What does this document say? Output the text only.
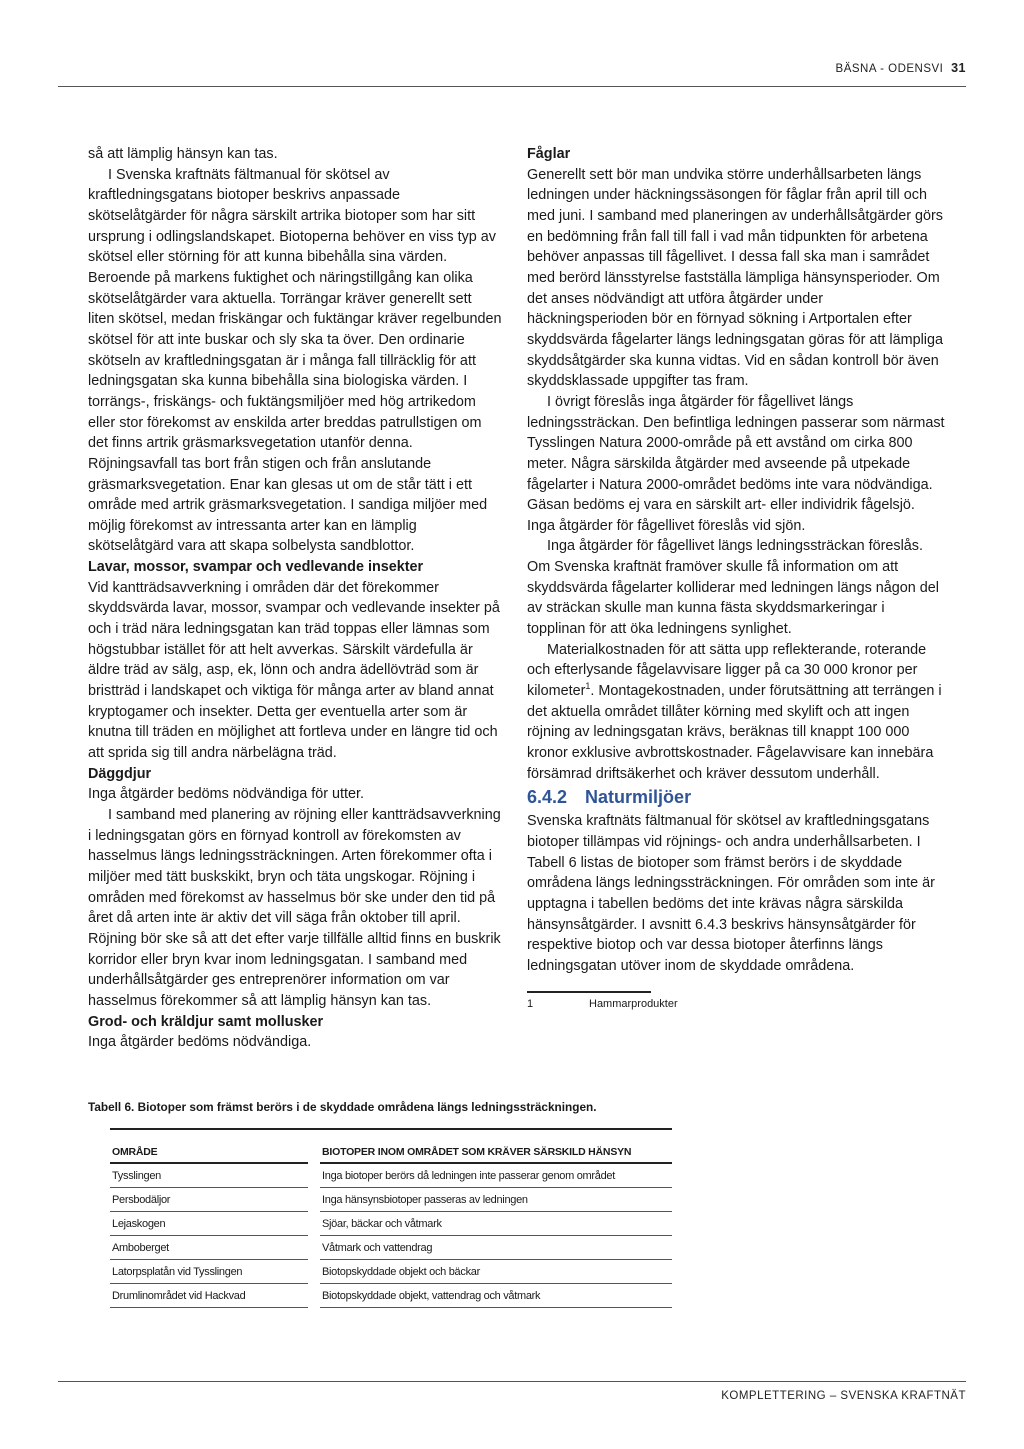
BÄSNA - ODENSVI 31

så att lämplig hänsyn kan tas.

I Svenska kraftnäts fältmanual för skötsel av kraftledningsgatans biotoper beskrivs anpassade skötselåtgärder för några särskilt artrika biotoper som har sitt ursprung i odlingslandskapet. Biotoperna behöver en viss typ av skötsel eller störning för att kunna bibehålla sina värden. Beroende på markens fuktighet och näringstillgång kan olika skötselåtgärder vara aktuella. Torrängar kräver generellt sett liten skötsel, medan friskängar och fuktängar kräver regelbunden skötsel för att inte buskar och sly ska ta över. Den ordinarie skötseln av kraftledningsgatan är i många fall tillräcklig för att ledningsgatan ska kunna bibehålla sina biologiska värden. I torrängs-, friskängs- och fuktängsmiljöer med hög artrikedom eller stor förekomst av enskilda arter breddas patrullstigen om det finns artrik gräsmarksvegetation utanför denna. Röjningsavfall tas bort från stigen och från anslutande gräsmarksvegetation. Enar kan glesas ut om de står tätt i ett område med artrik gräsmarksvegetation. I sandiga miljöer med möjlig förekomst av intressanta arter kan en lämplig skötselåtgärd vara att skapa solbelysta sandblottor.

Lavar, mossor, svampar och vedlevande insekter

Vid kantträdsavverkning i områden där det förekommer skyddsvärda lavar, mossor, svampar och vedlevande insekter på och i träd nära ledningsgatan kan träd toppas eller lämnas som högstubbar istället för att helt avverkas. Särskilt värdefulla är äldre träd av sälg, asp, ek, lönn och andra ädellövträd som är bristträd i landskapet och viktiga för många arter av bland annat kryptogamer och insekter. Detta ger eventuella arter som är knutna till träden en möjlighet att fortleva under en längre tid och att sprida sig till andra närbelägna träd.

Däggdjur

Inga åtgärder bedöms nödvändiga för utter.

I samband med planering av röjning eller kantträdsavverkning i ledningsgatan görs en förnyad kontroll av förekomsten av hasselmus längs ledningssträckningen. Arten förekommer ofta i miljöer med tätt buskskikt, bryn och täta ungskogar. Röjning i områden med förekomst av hasselmus bör ske under den tid på året då arten inte är aktiv det vill säga från oktober till april. Röjning bör ske så att det efter varje tillfälle alltid finns en buskrik korridor eller bryn kvar inom ledningsgatan. I samband med underhållsåtgärder ges entreprenörer information om var hasselmus förekommer så att lämplig hänsyn kan tas.

Grod- och kräldjur samt mollusker

Inga åtgärder bedöms nödvändiga.

Fåglar

Generellt sett bör man undvika större underhållsarbeten längs ledningen under häckningssäsongen för fåglar från april till och med juni. I samband med planeringen av underhållsåtgärder görs en bedömning från fall till fall i vad mån tidpunkten för arbetena behöver anpassas till fågellivet. I dessa fall ska man i samrådet med berörd länsstyrelse fastställa lämpliga hänsynsperioder. Om det anses nödvändigt att utföra åtgärder under häckningsperioden bör en förnyad sökning i Artportalen efter skyddsvärda fågelarter längs ledningsgatan göras för att lämpliga skyddsåtgärder ska kunna vidtas. Vid en sådan kontroll bör även skyddsklassade uppgifter tas fram.

I övrigt föreslås inga åtgärder för fågellivet längs ledningssträckan. Den befintliga ledningen passerar som närmast Tysslingen Natura 2000-område på ett avstånd om cirka 800 meter. Några särskilda åtgärder med avseende på utpekade fågelarter i Natura 2000-området bedöms inte vara nödvändiga. Gäsan bedöms ej vara en särskilt art- eller individrik fågelsjö. Inga åtgärder för fågellivet föreslås vid sjön.

Inga åtgärder för fågellivet längs ledningssträckan föreslås. Om Svenska kraftnät framöver skulle få information om att skyddsvärda fågelarter kolliderar med ledningen längs någon del av sträckan skulle man kunna fästa skyddsmarkeringar i topplinan för att öka ledningens synlighet.

Materialkostnaden för att sätta upp reflekterande, roterande och efterlysande fågelavvisare ligger på ca 30 000 kronor per kilometer$^1$. Montagekostnaden, under förutsättning att terrängen i det aktuella området tillåter körning med skylift och att ingen röjning av ledningsgatan krävs, beräknas till knappt 100 000 kronor exklusive avbrottskostnader. Fågelavvisare kan innebära försämrad driftsäkerhet och kräver dessutom underhåll.

6.4.2 Naturmiljöer

Svenska kraftnäts fältmanual för skötsel av kraftledningsgatans biotoper tillämpas vid röjnings- och andra underhållsarbeten. I Tabell 6 listas de biotoper som främst berörs i de skyddade områdena längs ledningssträckningen. För områden som inte är upptagna i tabellen bedöms det inte krävas några särskilda hänsynsåtgärder. I avsnitt 6.4.3 beskrivs hänsynsåtgärder för respektive biotop och var dessa biotoper återfinns längs ledningsgatan utöver inom de skyddade områdena.

1	Hammarprodukter
Tabell 6. Biotoper som främst berörs i de skyddade områdena längs ledningssträckningen.

OMRÅDE		BIOTOPER INOM OMRÅDET SOM KRÄVER SÄRSKILD HÄNSYN
Tysslingen		Inga biotoper berörs då ledningen inte passerar genom området
Persbodäljor		Inga hänsynsbiotoper passeras av ledningen
Lejaskogen		Sjöar, bäckar och våtmark
Amboberget		Våtmark och vattendrag
Latorpsplatån vid Tysslingen		Biotopskyddade objekt och bäckar
Drumlinområdet vid Hackvad		Biotopskyddade objekt, vattendrag och våtmark
KOMPLETTERING – SVENSKA KRAFTNÄT
